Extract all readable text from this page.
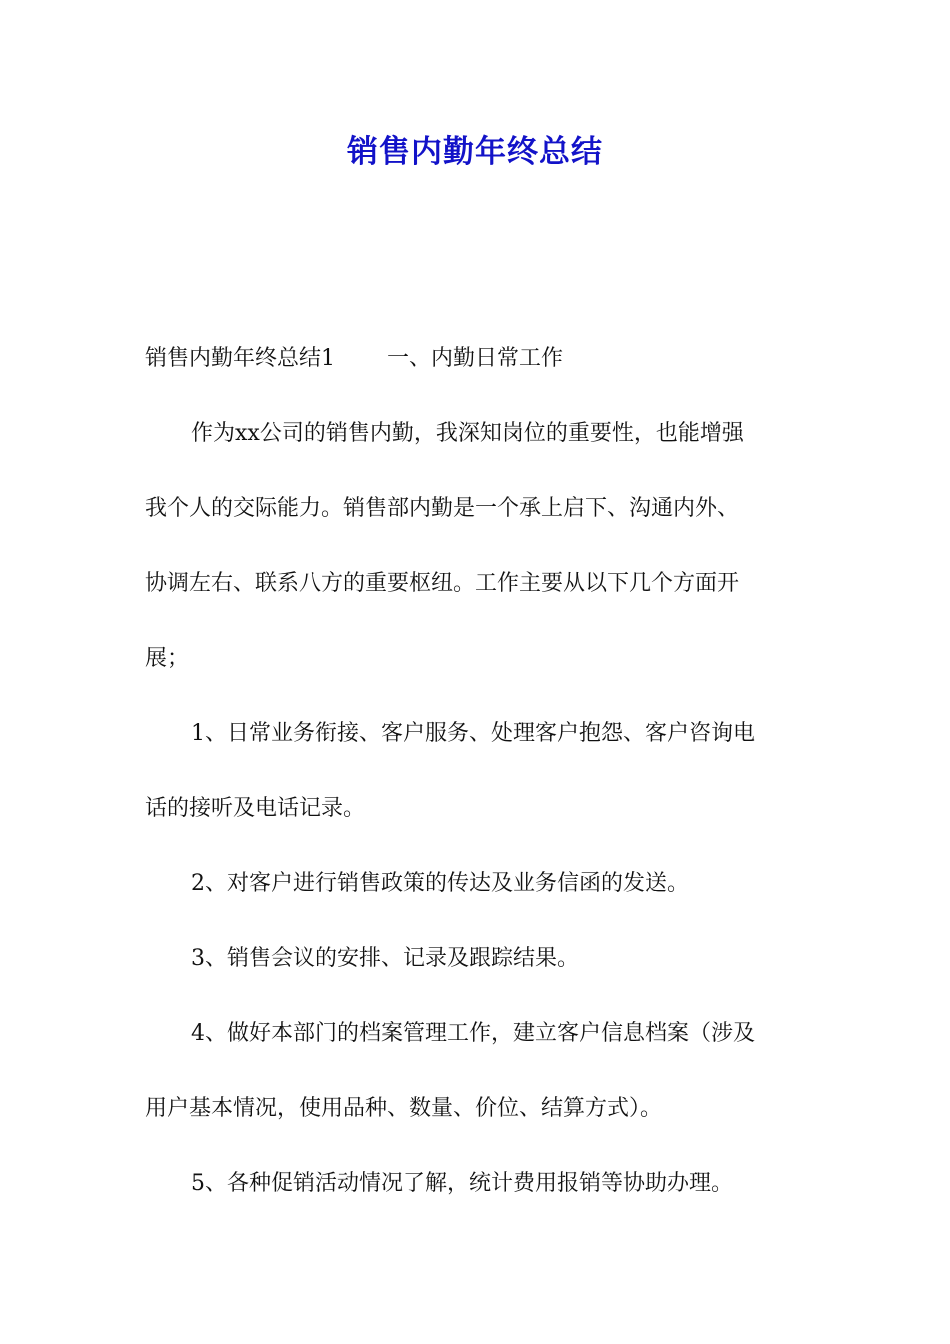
销售内勤年终总结
销售内勤年终总结1 一、内勤日常工作
作为xx公司的销售内勤，我深知岗位的重要性，也能增强
我个人的交际能力。销售部内勤是一个承上启下、沟通内外、
协调左右、联系八方的重要枢纽。工作主要从以下几个方面开
展；
1、日常业务衔接、客户服务、处理客户抱怨、客户咨询电
话的接听及电话记录。
2、对客户进行销售政策的传达及业务信函的发送。
3、销售会议的安排、记录及跟踪结果。
4、做好本部门的档案管理工作，建立客户信息档案（涉及
用户基本情况，使用品种、数量、价位、结算方式）。
5、各种促销活动情况了解，统计费用报销等协助办理。
